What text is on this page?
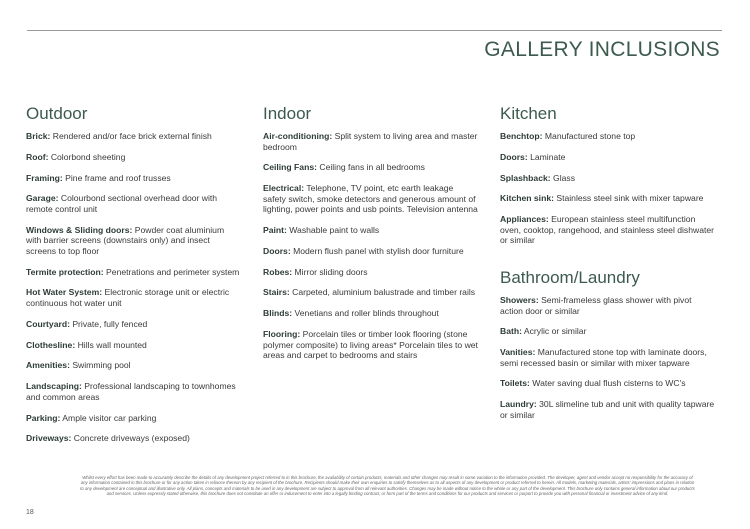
GALLERY INCLUSIONS
Outdoor
Brick: Rendered and/or face brick external finish
Roof: Colorbond sheeting
Framing: Pine frame and roof trusses
Garage: Colourbond sectional overhead door with remote control unit
Windows & Sliding doors: Powder coat aluminium with barrier screens (downstairs only) and insect screens to top floor
Termite protection: Penetrations and perimeter system
Hot Water System: Electronic storage unit or electric continuous hot water unit
Courtyard: Private, fully fenced
Clothesline: Hills wall mounted
Amenities: Swimming pool
Landscaping: Professional landscaping to townhomes and common areas
Parking: Ample visitor car parking
Driveways: Concrete driveways (exposed)
Indoor
Air-conditioning: Split system to living area and master bedroom
Ceiling Fans: Ceiling fans in all bedrooms
Electrical: Telephone, TV point, etc earth leakage safety switch, smoke detectors and generous amount of lighting, power points and usb points. Television antenna
Paint: Washable paint to walls
Doors: Modern flush panel with stylish door furniture
Robes: Mirror sliding doors
Stairs: Carpeted, aluminium balustrade and timber rails
Blinds: Venetians and roller blinds throughout
Flooring: Porcelain tiles or timber look flooring (stone polymer composite) to living areas* Porcelain tiles to wet areas and carpet to bedrooms and stairs
Kitchen
Benchtop: Manufactured stone top
Doors: Laminate
Splashback: Glass
Kitchen sink: Stainless steel sink with mixer tapware
Appliances: European stainless steel multifunction oven, cooktop, rangehood, and stainless steel dishwater or similar
Bathroom/Laundry
Showers: Semi-frameless glass shower with pivot action door or similar
Bath: Acrylic or similar
Vanities: Manufactured stone top with laminate doors, semi recessed basin or similar with mixer tapware
Toilets: Water saving dual flush cisterns to WC's
Laundry: 30L slimeline tub and unit with quality tapware or similar
Whilst every effort has been made to accurately describe the details of any development project referred to in this brochure, the availability of certain products, materials and other changes may result in some variation to the information provided. The developer, agent and vendor accept no responsibility for the accuracy of any information contained in this brochure or for any action taken in reliance thereon by any recipient of the brochure. Recipients should make their own enquiries to satisfy themselves as to all aspects of any development or product referred to herein. All models, marketing materials, artists' impressions and plans in relation to any development are conceptual and illustrative only. All plans, concepts and materials to be used in any development are subject to approval from all relevant authorities. Changes may be made without notice to the whole or any part of the development. This brochure only contains general information about our products and services. Unless expressly stated otherwise, this brochure does not constitute an offer or inducement to enter into a legally binding contract, or form part of the terms and conditions for our products and services or purport to provide you with personal financial or investment advice of any kind.
18
